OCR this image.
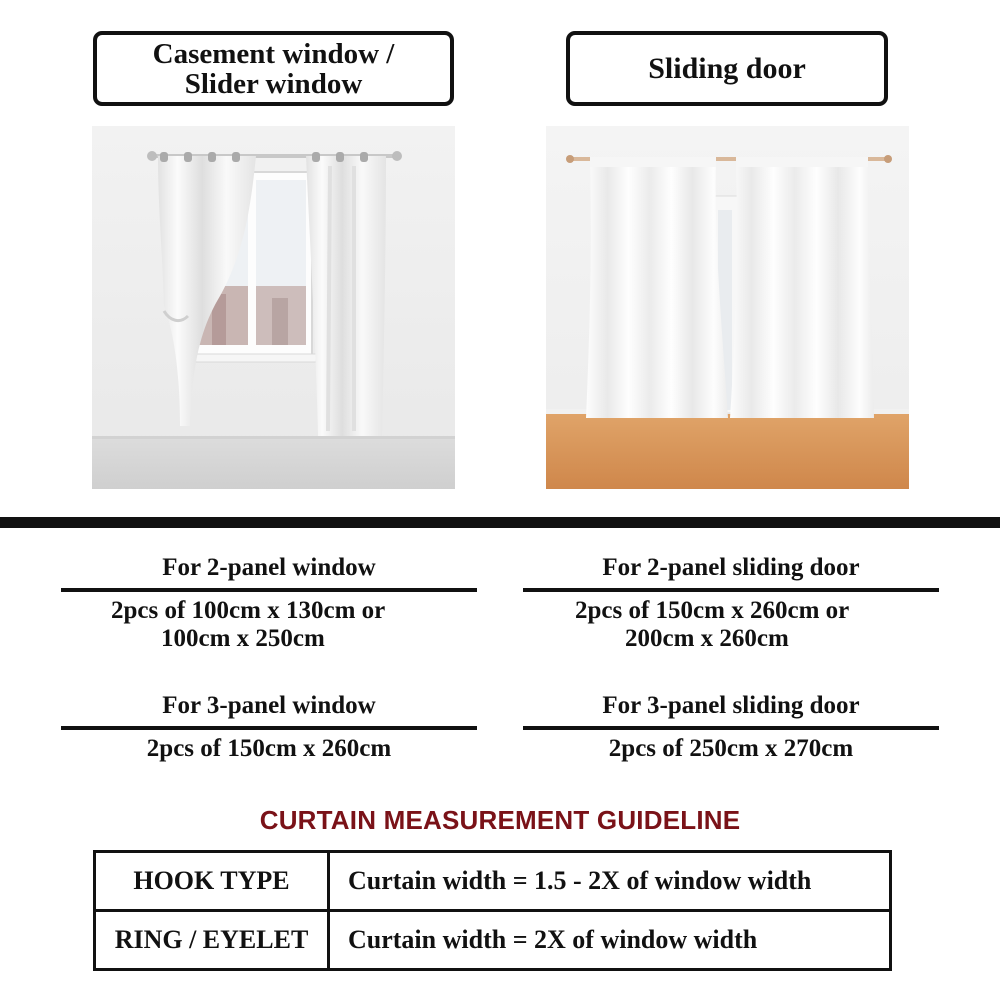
Casement window /
Slider window	Sliding door
For 2-panel window
2pcs of 100cm x 130cm or
100cm x 250cm
For 2-panel sliding door
2pcs of 150cm x 260cm or
200cm x 260cm
For 3-panel window
2pcs of 150cm x 260cm
For 3-panel sliding door
2pcs of 250cm x 270cm
CURTAIN MEASUREMENT GUIDELINE
HOOK TYPE	Curtain width = 1.5 - 2X of window width
RING / EYELET	Curtain width = 2X of window width
